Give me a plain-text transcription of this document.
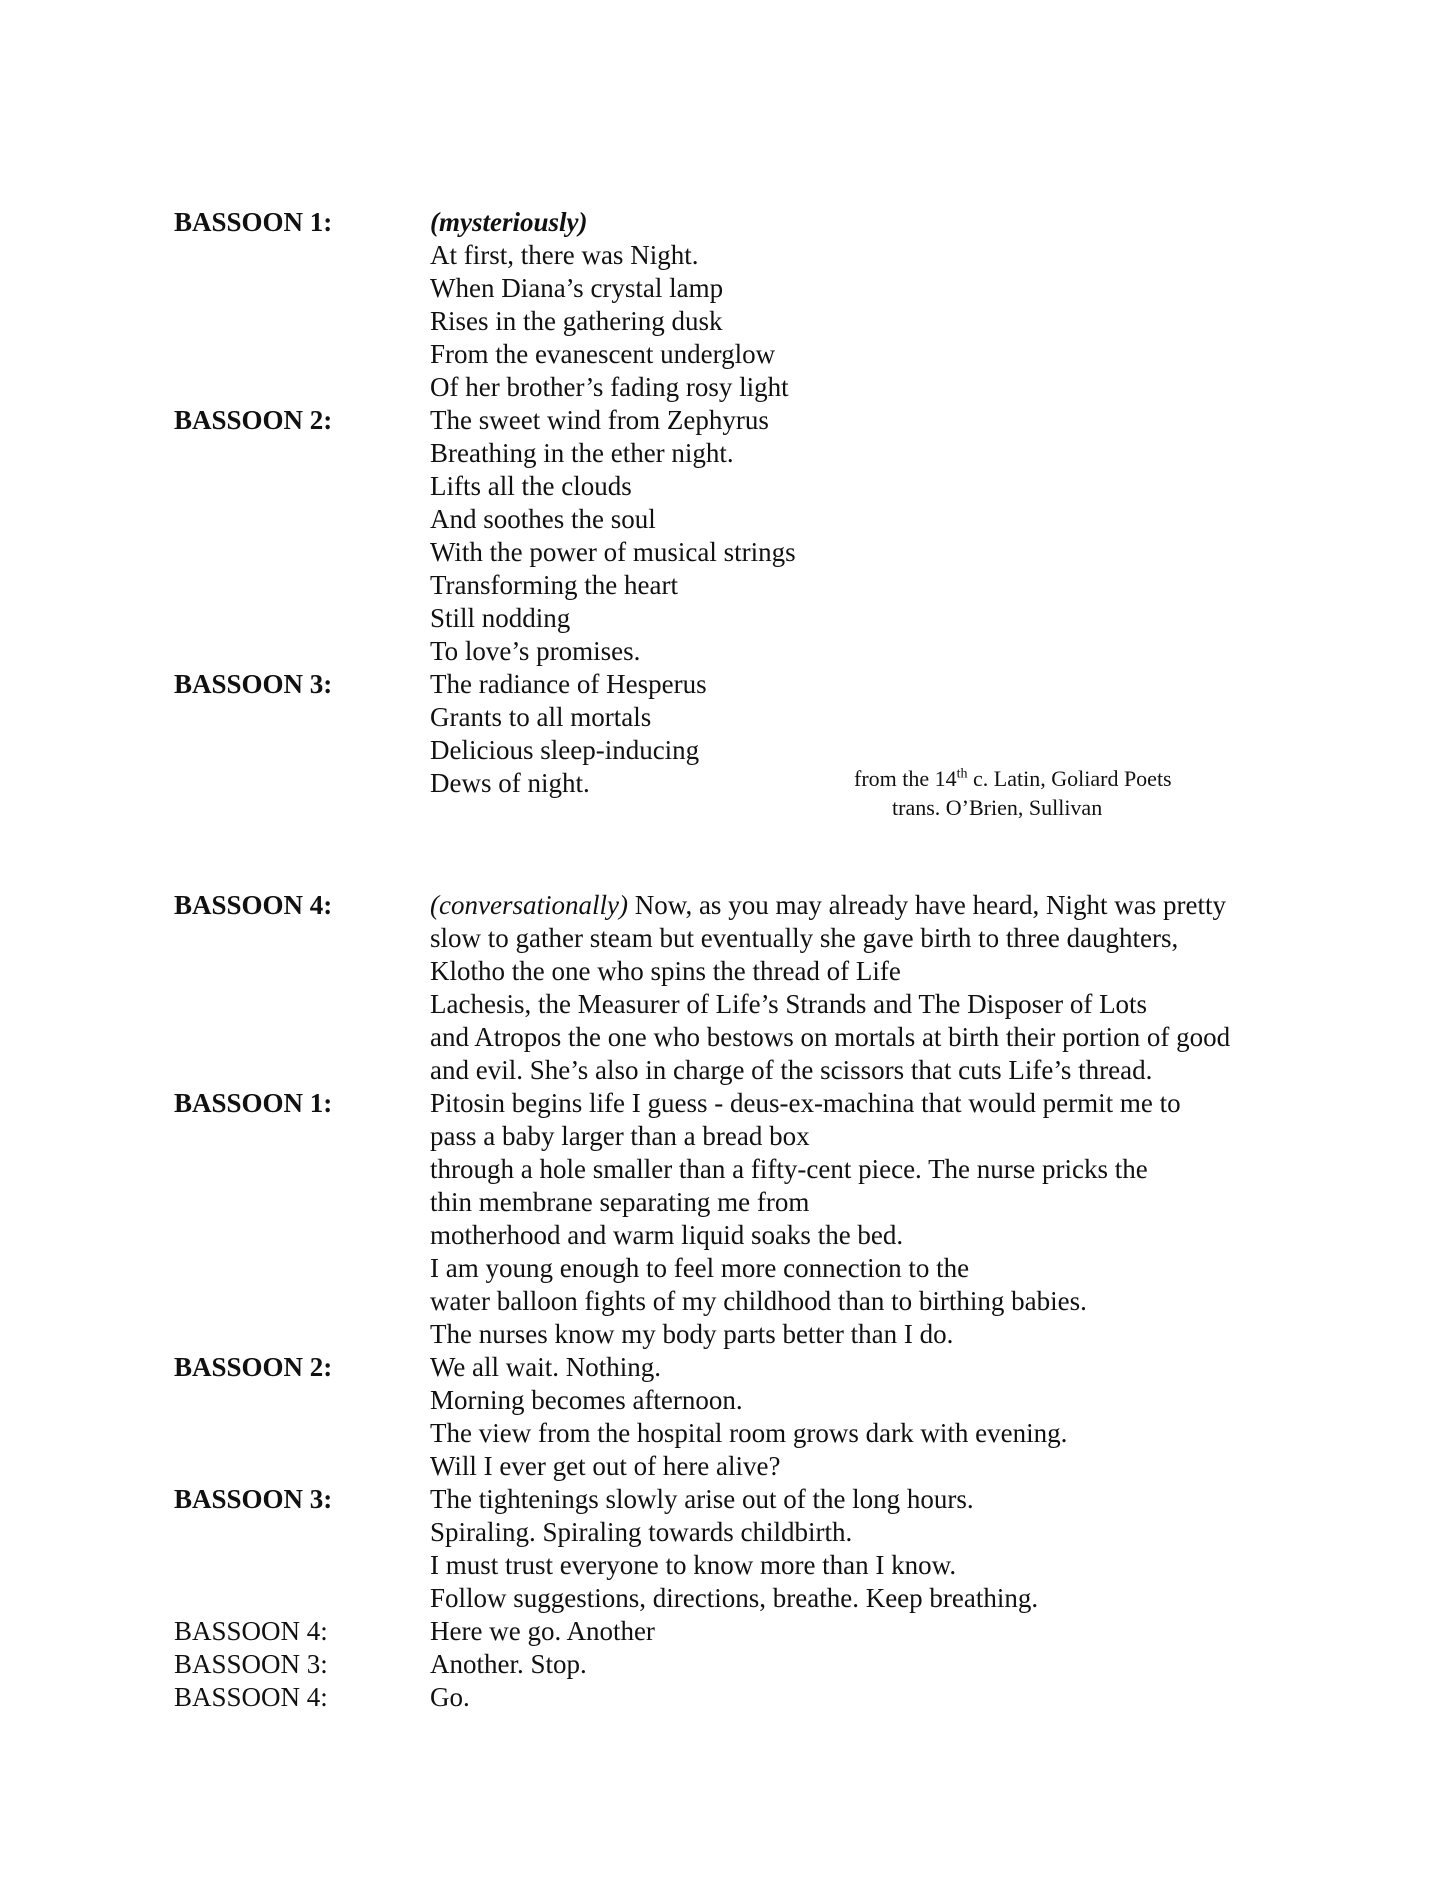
BASSOON 1:	(mysteriously)
At first, there was Night.
When Diana’s crystal lamp
Rises in the gathering dusk
From the evanescent underglow
Of her brother’s fading rosy light
BASSOON 2:	The sweet wind from Zephyrus
Breathing in the ether night.
Lifts all the clouds
And soothes the soul
With the power of musical strings
Transforming the heart
Still nodding
To love’s promises.
BASSOON 3:	The radiance of Hesperus
Grants to all mortals
Delicious sleep-inducing
Dews of night.	from the 14th c. Latin, Goliard Poets
trans. O’Brien, Sullivan
BASSOON 4:	(conversationally) Now, as you may already have heard, Night was pretty
slow to gather steam but eventually she gave birth to three daughters,
Klotho the one who spins the thread of Life
Lachesis, the Measurer of Life’s Strands and The Disposer of Lots
and Atropos the one who bestows on mortals at birth their portion of good
and evil. She’s also in charge of the scissors that cuts Life’s thread.
BASSOON 1:	Pitosin begins life I guess - deus-ex-machina that would permit me to
pass a baby larger than a bread box
through a hole smaller than a fifty-cent piece. The nurse pricks the
thin membrane separating me from
motherhood and warm liquid soaks the bed.
I am young enough to feel more connection to the
water balloon fights of my childhood than to birthing babies.
The nurses know my body parts better than I do.
BASSOON 2:	We all wait. Nothing.
Morning becomes afternoon.
The view from the hospital room grows dark with evening.
Will I ever get out of here alive?
BASSOON 3:	The tightenings slowly arise out of the long hours.
Spiraling. Spiraling towards childbirth.
I must trust everyone to know more than I know.
Follow suggestions, directions, breathe. Keep breathing.
BASSOON 4:	Here we go. Another
BASSOON 3:	Another. Stop.
BASSOON 4:	Go.
